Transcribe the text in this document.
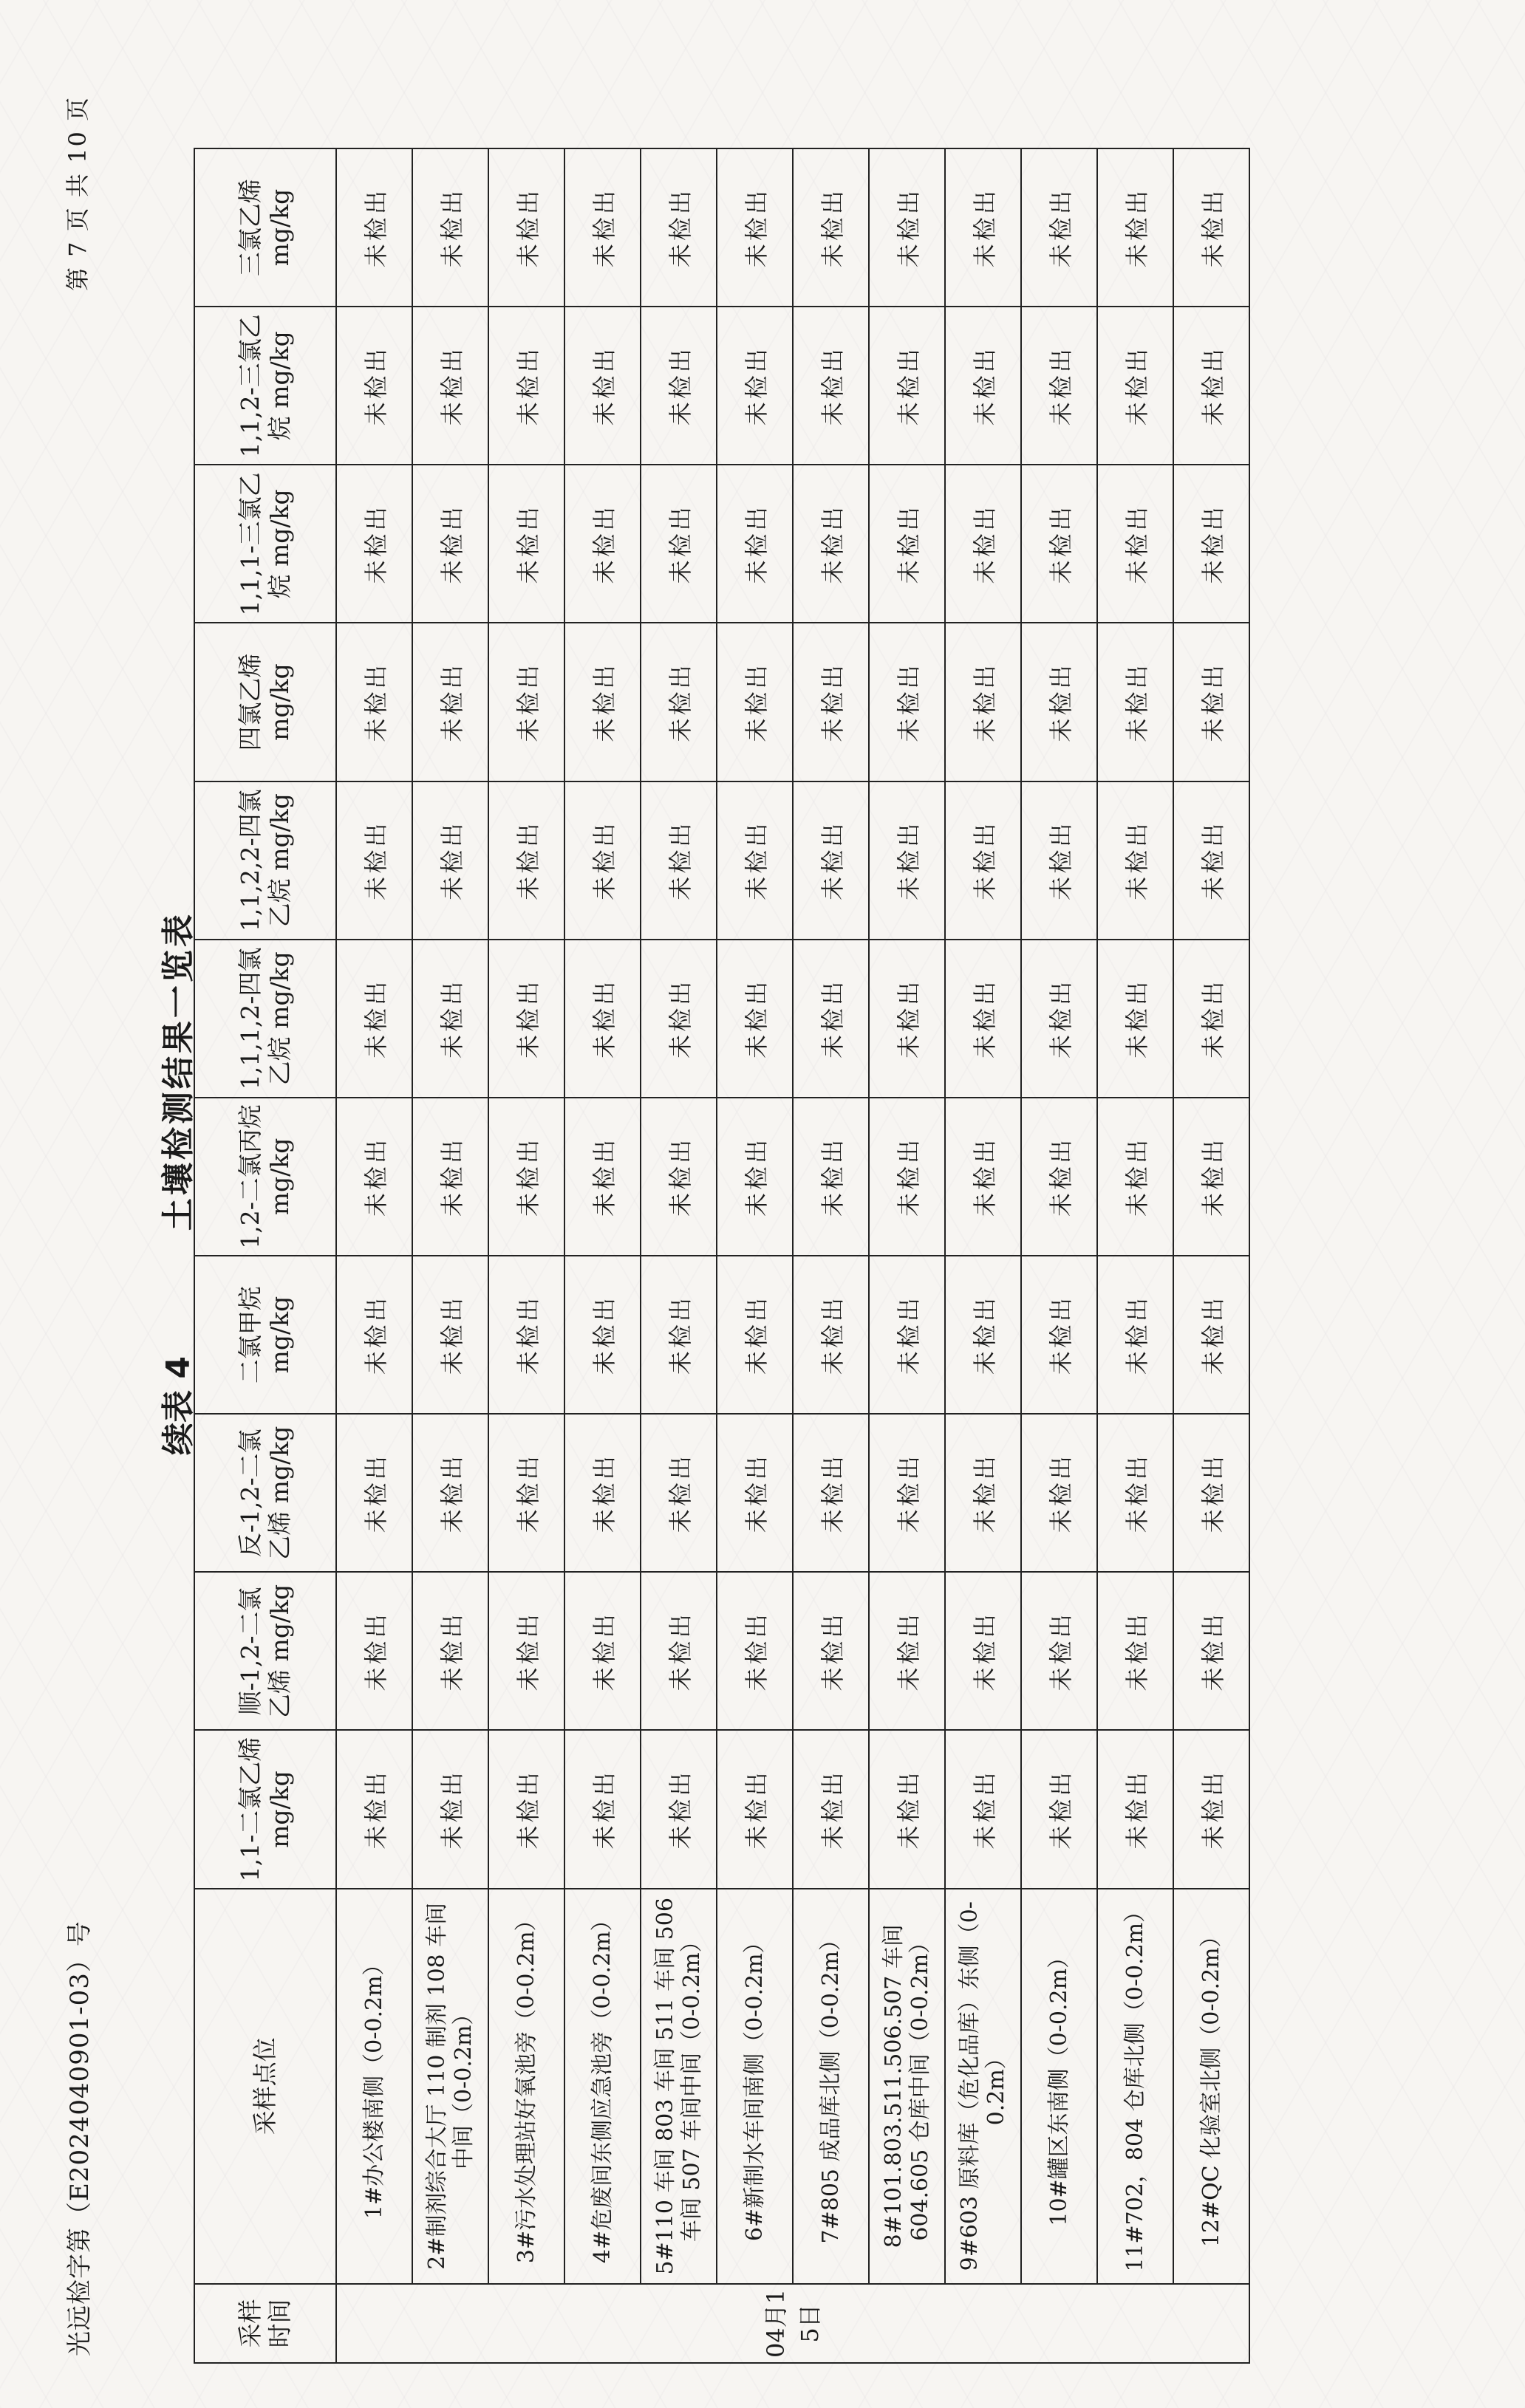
光远检字第（E2024040901-03）号
第 7 页 共 10 页
续表 4
土壤检测结果一览表
采样时间	采样点位	1,1-二氯乙烯 mg/kg	顺-1,2-二氯乙烯 mg/kg	反-1,2-二氯乙烯 mg/kg	二氯甲烷 mg/kg	1,2-二氯丙烷 mg/kg	1,1,1,2-四氯乙烷 mg/kg	1,1,2,2-四氯乙烷 mg/kg	四氯乙烯 mg/kg	1,1,1-三氯乙烷 mg/kg	1,1,2-三氯乙烷 mg/kg	三氯乙烯 mg/kg
04月15日	1#办公楼南侧（0-0.2m）	未检出	未检出	未检出	未检出	未检出	未检出	未检出	未检出	未检出	未检出	未检出
	2#制剂综合大厅 110 制剂 108 车间中间（0-0.2m）	未检出	未检出	未检出	未检出	未检出	未检出	未检出	未检出	未检出	未检出	未检出
	3#污水处理站好氧池旁（0-0.2m）	未检出	未检出	未检出	未检出	未检出	未检出	未检出	未检出	未检出	未检出	未检出
	4#危废间东侧应急池旁（0-0.2m）	未检出	未检出	未检出	未检出	未检出	未检出	未检出	未检出	未检出	未检出	未检出
	5#110 车间 803 车间 511 车间 506 车间 507 车间中间（0-0.2m）	未检出	未检出	未检出	未检出	未检出	未检出	未检出	未检出	未检出	未检出	未检出
	6#新制水车间南侧（0-0.2m）	未检出	未检出	未检出	未检出	未检出	未检出	未检出	未检出	未检出	未检出	未检出
	7#805 成品库北侧（0-0.2m）	未检出	未检出	未检出	未检出	未检出	未检出	未检出	未检出	未检出	未检出	未检出
	8#101.803.511.506.507 车间 604.605 仓库中间（0-0.2m）	未检出	未检出	未检出	未检出	未检出	未检出	未检出	未检出	未检出	未检出	未检出
	9#603 原料库（危化品库）东侧（0-0.2m）	未检出	未检出	未检出	未检出	未检出	未检出	未检出	未检出	未检出	未检出	未检出
	10#罐区东南侧（0-0.2m）	未检出	未检出	未检出	未检出	未检出	未检出	未检出	未检出	未检出	未检出	未检出
	11#702，804 仓库北侧（0-0.2m）	未检出	未检出	未检出	未检出	未检出	未检出	未检出	未检出	未检出	未检出	未检出
	12#QC 化验室北侧（0-0.2m）	未检出	未检出	未检出	未检出	未检出	未检出	未检出	未检出	未检出	未检出	未检出
